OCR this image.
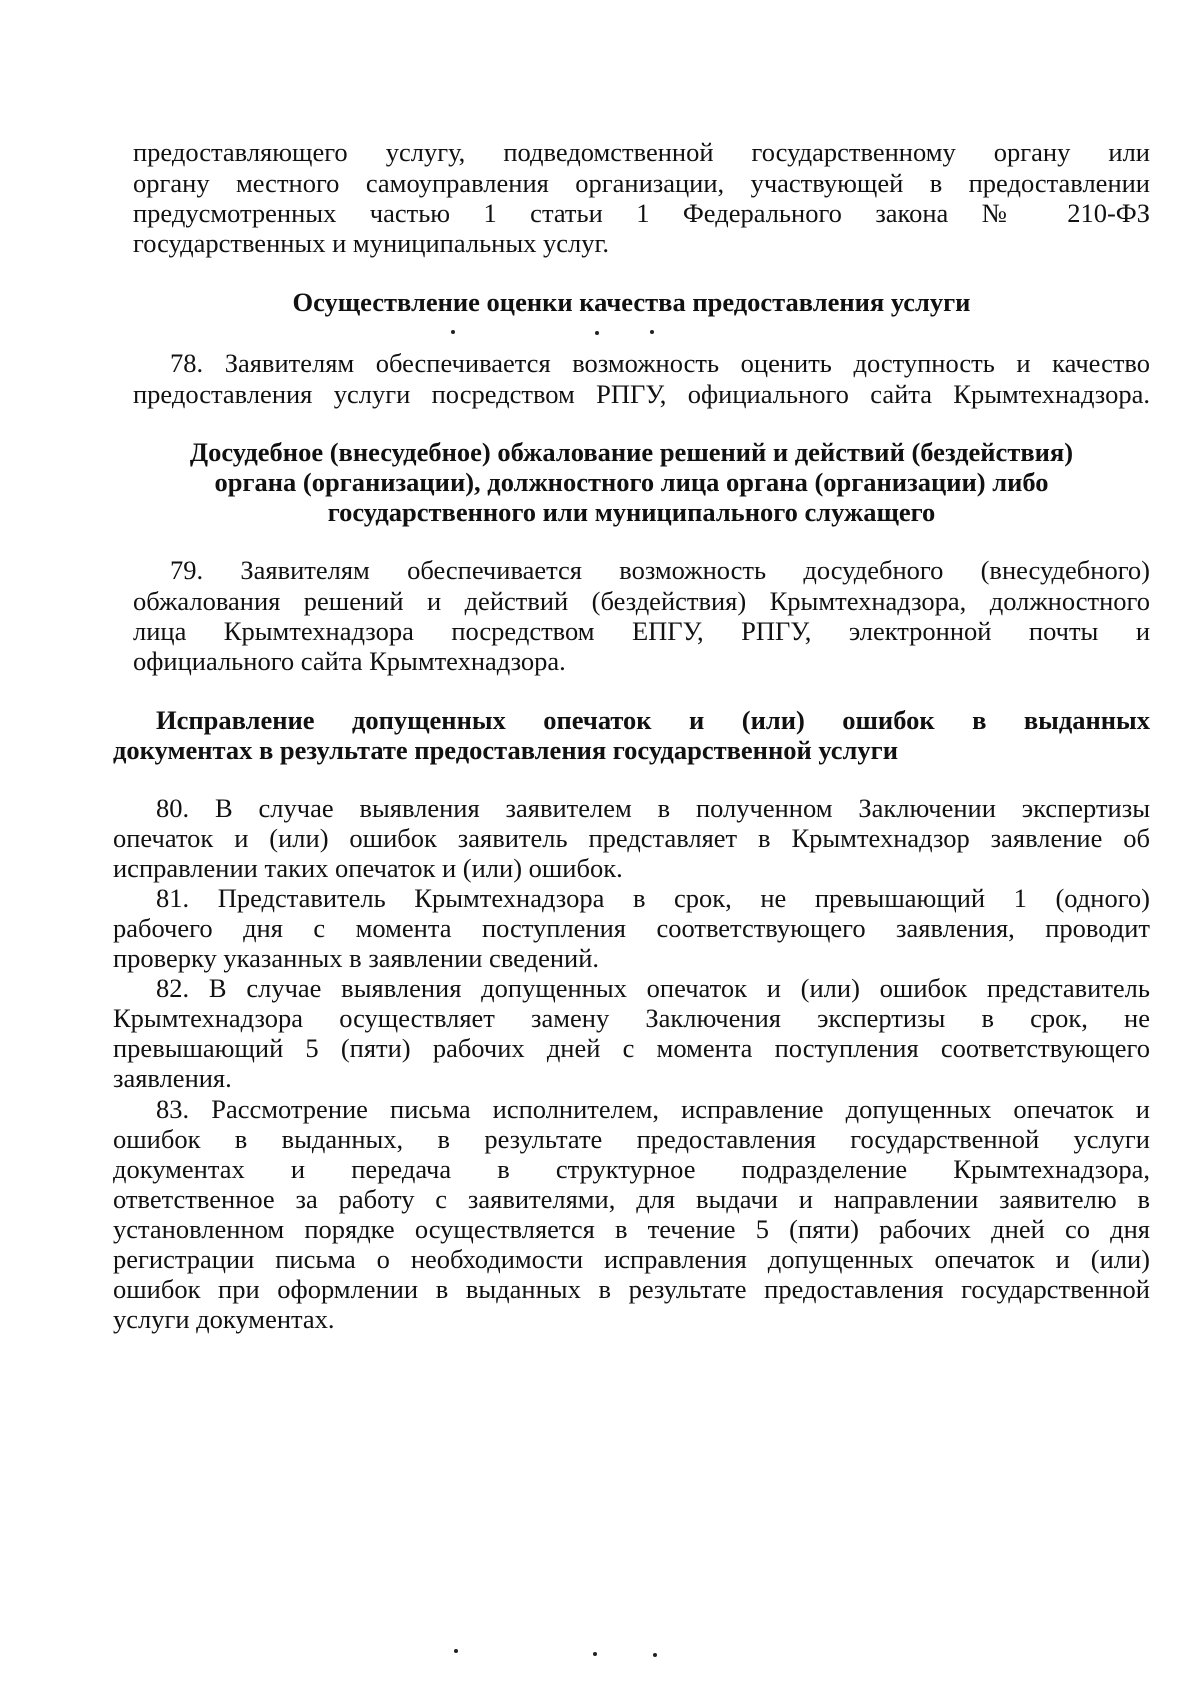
предоставляющего услугу, подведомственной государственному органу или
органу местного самоуправления организации, участвующей в предоставлении
предусмотренных частью 1 статьи 1 Федерального закона № 210-ФЗ
государственных и муниципальных услуг.
Осуществление оценки качества предоставления услуги
78. Заявителям обеспечивается возможность оценить доступность и качество
предоставления услуги посредством РПГУ, официального сайта Крымтехнадзора.
Досудебное (внесудебное) обжалование решений и действий (бездействия)
органа (организации), должностного лица органа (организации) либо
государственного или муниципального служащего
79. Заявителям обеспечивается возможность досудебного (внесудебного)
обжалования решений и действий (бездействия) Крымтехнадзора, должностного
лица Крымтехнадзора посредством ЕПГУ, РПГУ, электронной почты и
официального сайта Крымтехнадзора.
Исправление допущенных опечаток и (или) ошибок в выданных
документах в результате предоставления государственной услуги
80. В случае выявления заявителем в полученном Заключении экспертизы
опечаток и (или) ошибок заявитель представляет в Крымтехнадзор заявление об
исправлении таких опечаток и (или) ошибок.
81. Представитель Крымтехнадзора в срок, не превышающий 1 (одного)
рабочего дня с момента поступления соответствующего заявления, проводит
проверку указанных в заявлении сведений.
82. В случае выявления допущенных опечаток и (или) ошибок представитель
Крымтехнадзора осуществляет замену Заключения экспертизы в срок, не
превышающий 5 (пяти) рабочих дней с момента поступления соответствующего
заявления.
83. Рассмотрение письма исполнителем, исправление допущенных опечаток и
ошибок в выданных, в результате предоставления государственной услуги
документах и передача в структурное подразделение Крымтехнадзора,
ответственное за работу с заявителями, для выдачи и направлении заявителю в
установленном порядке осуществляется в течение 5 (пяти) рабочих дней со дня
регистрации письма о необходимости исправления допущенных опечаток и (или)
ошибок при оформлении в выданных в результате предоставления государственной
услуги документах.
